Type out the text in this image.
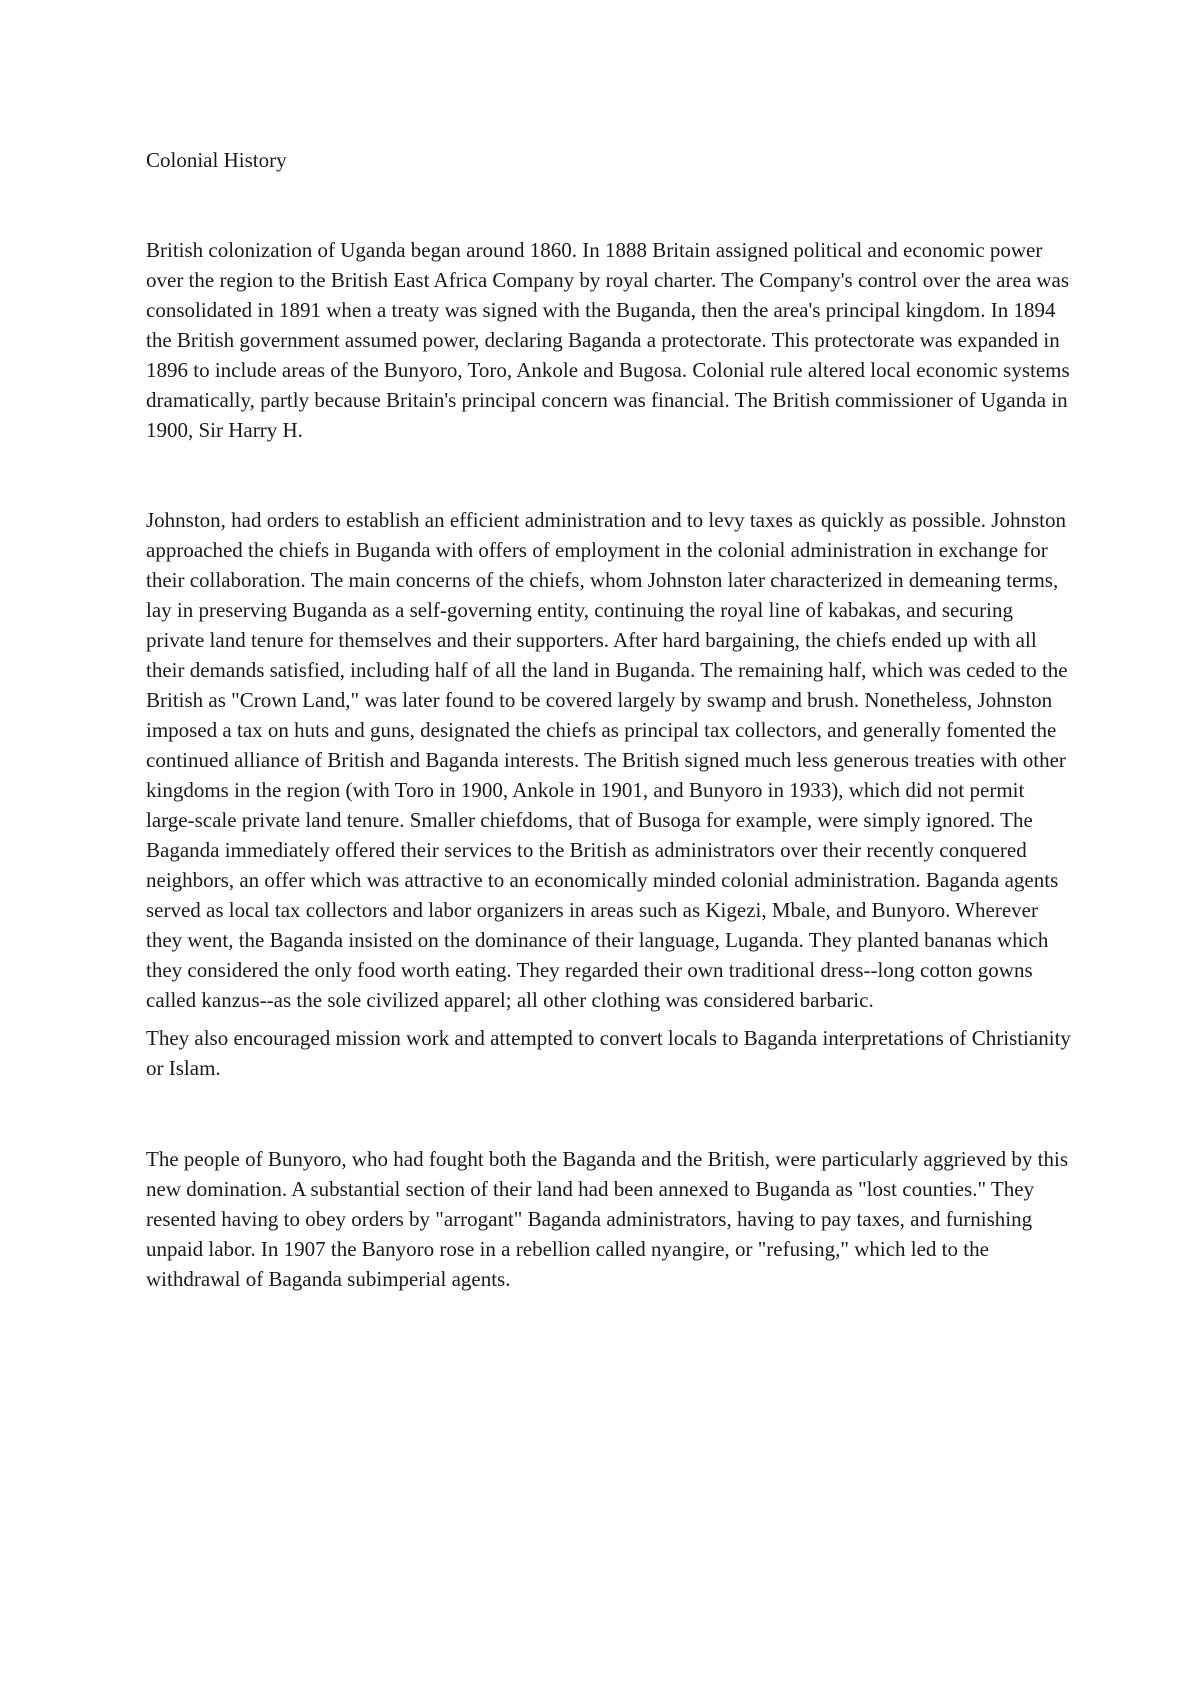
Colonial History

British colonization of Uganda began around 1860. In 1888 Britain assigned political and economic power over the region to the British East Africa Company by royal charter. The Company's control over the area was consolidated in 1891 when a treaty was signed with the Buganda, then the area's principal kingdom. In 1894 the British government assumed power, declaring Baganda a protectorate. This protectorate was expanded in 1896 to include areas of the Bunyoro, Toro, Ankole and Bugosa. Colonial rule altered local economic systems dramatically, partly because Britain's principal concern was financial. The British commissioner of Uganda in 1900, Sir Harry H.

Johnston, had orders to establish an efficient administration and to levy taxes as quickly as possible. Johnston approached the chiefs in Buganda with offers of employment in the colonial administration in exchange for their collaboration. The main concerns of the chiefs, whom Johnston later characterized in demeaning terms, lay in preserving Buganda as a self-governing entity, continuing the royal line of kabakas, and securing private land tenure for themselves and their supporters. After hard bargaining, the chiefs ended up with all their demands satisfied, including half of all the land in Buganda. The remaining half, which was ceded to the British as "Crown Land," was later found to be covered largely by swamp and brush. Nonetheless, Johnston imposed a tax on huts and guns, designated the chiefs as principal tax collectors, and generally fomented the continued alliance of British and Baganda interests. The British signed much less generous treaties with other kingdoms in the region (with Toro in 1900, Ankole in 1901, and Bunyoro in 1933), which did not permit large-scale private land tenure. Smaller chiefdoms, that of Busoga for example, were simply ignored. The Baganda immediately offered their services to the British as administrators over their recently conquered neighbors, an offer which was attractive to an economically minded colonial administration. Baganda agents served as local tax collectors and labor organizers in areas such as Kigezi, Mbale, and Bunyoro. Wherever they went, the Baganda insisted on the dominance of their language, Luganda. They planted bananas which they considered the only food worth eating. They regarded their own traditional dress--long cotton gowns called kanzus--as the sole civilized apparel; all other clothing was considered barbaric.

They also encouraged mission work and attempted to convert locals to Baganda interpretations of Christianity or Islam.

The people of Bunyoro, who had fought both the Baganda and the British, were particularly aggrieved by this new domination. A substantial section of their land had been annexed to Buganda as "lost counties." They resented having to obey orders by "arrogant" Baganda administrators, having to pay taxes, and furnishing unpaid labor. In 1907 the Banyoro rose in a rebellion called nyangire, or "refusing," which led to the withdrawal of Baganda subimperial agents.
